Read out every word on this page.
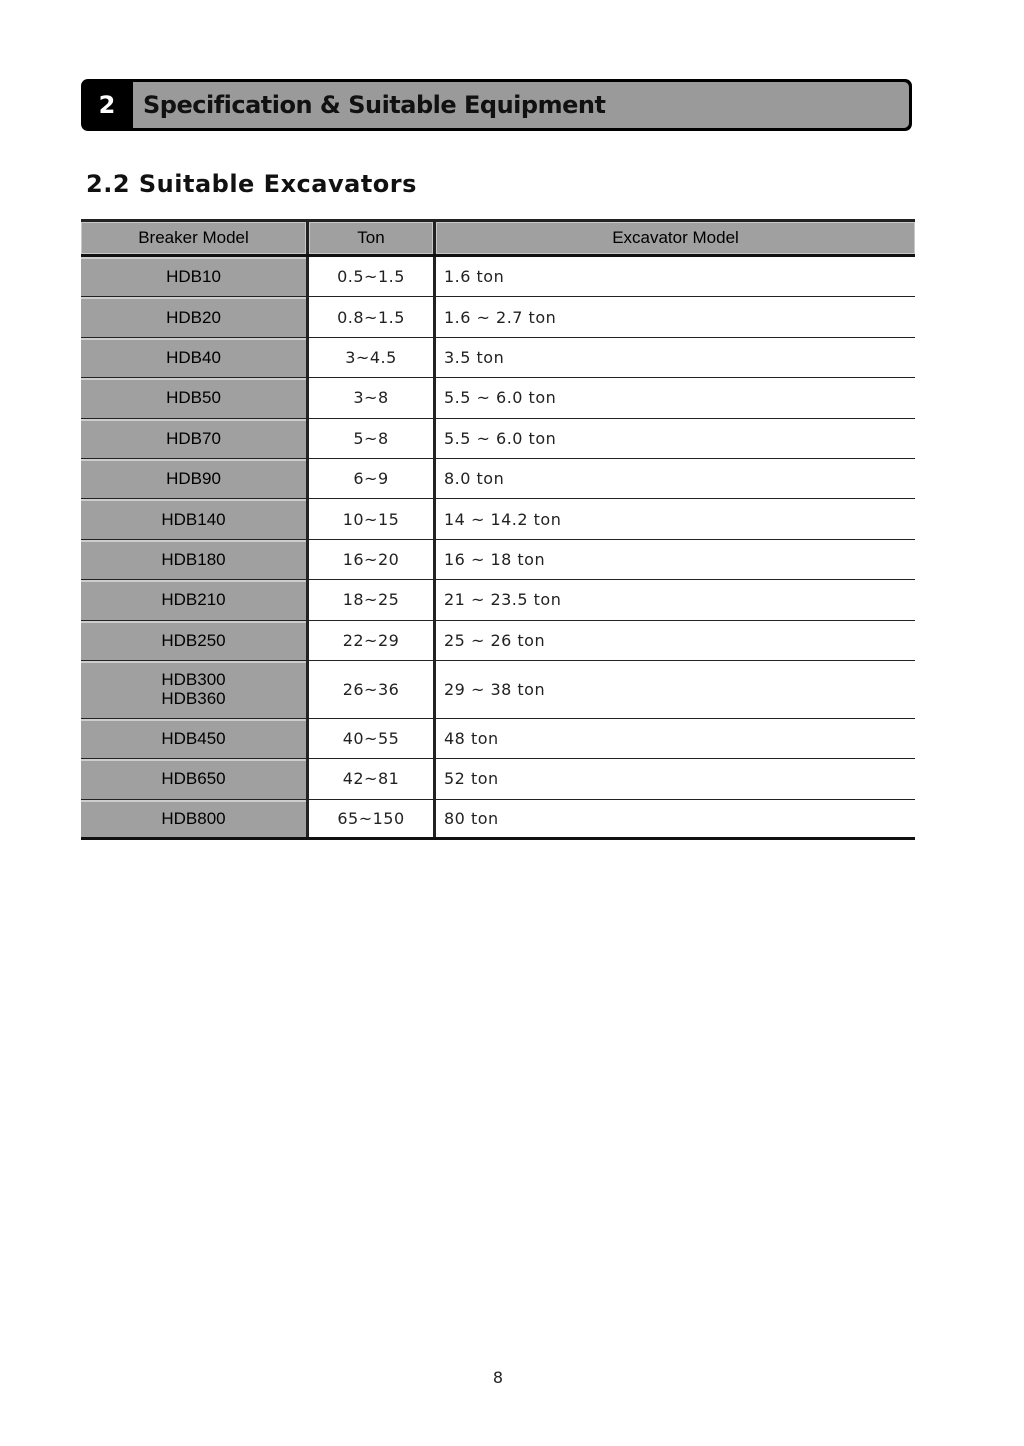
2	Specification & Suitable Equipment
2.2 Suitable Excavators
Breaker Model	Ton	Excavator Model
HDB10	0.5~1.5	1.6 ton
HDB20	0.8~1.5	1.6 ~ 2.7 ton
HDB40	3~4.5	3.5 ton
HDB50	3~8	5.5 ~ 6.0 ton
HDB70	5~8	5.5 ~ 6.0 ton
HDB90	6~9	8.0 ton
HDB140	10~15	14 ~ 14.2 ton
HDB180	16~20	16 ~ 18 ton
HDB210	18~25	21 ~ 23.5 ton
HDB250	22~29	25 ~ 26 ton
HDB300
HDB360	26~36	29 ~ 38 ton
HDB450	40~55	48 ton
HDB650	42~81	52 ton
HDB800	65~150	80 ton
8
